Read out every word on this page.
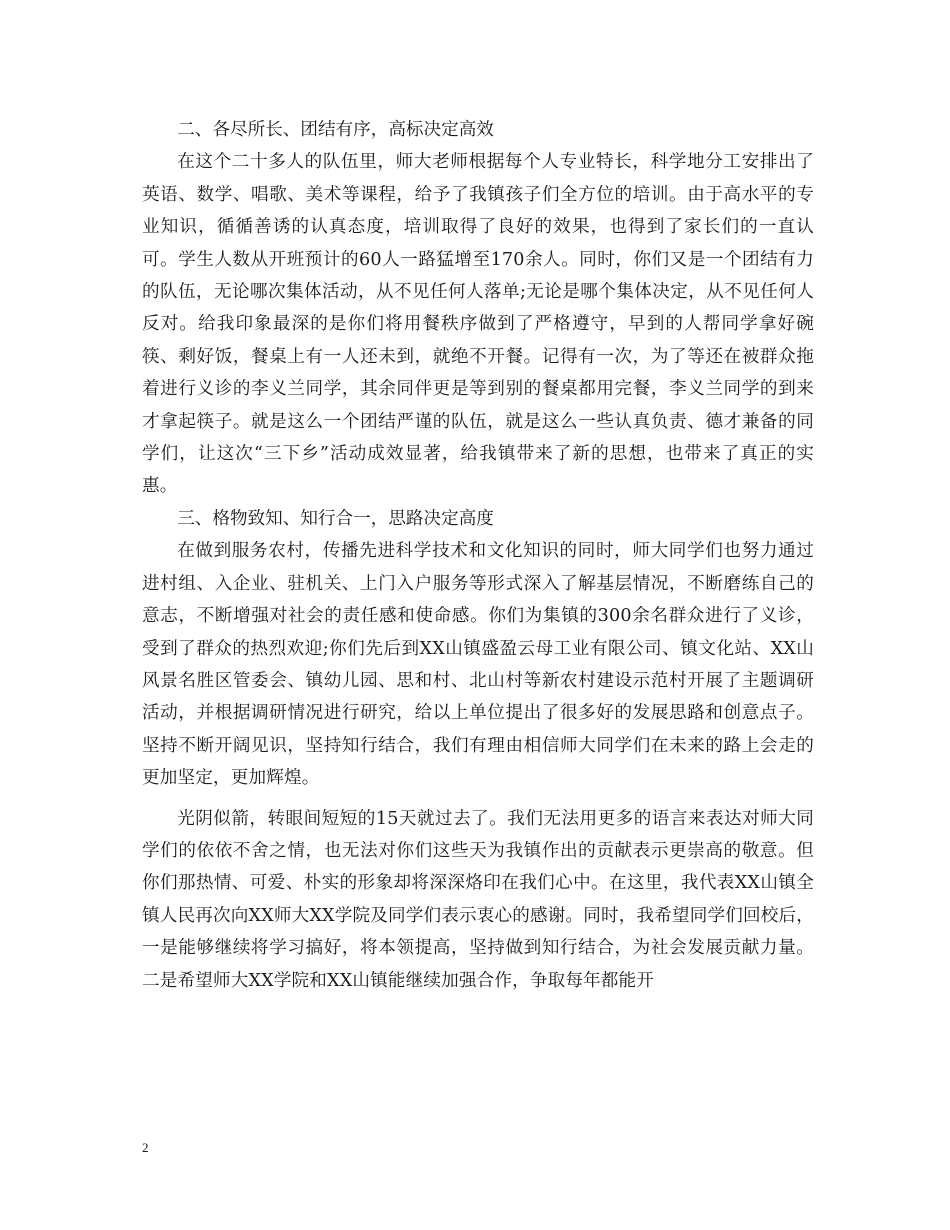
二、各尽所长、团结有序，高标决定高效

在这个二十多人的队伍里，师大老师根据每个人专业特长，科学地分工安排出了英语、数学、唱歌、美术等课程，给予了我镇孩子们全方位的培训。由于高水平的专业知识，循循善诱的认真态度，培训取得了良好的效果，也得到了家长们的一直认可。学生人数从开班预计的60人一路猛增至170余人。同时，你们又是一个团结有力的队伍，无论哪次集体活动，从不见任何人落单;无论是哪个集体决定，从不见任何人反对。给我印象最深的是你们将用餐秩序做到了严格遵守，早到的人帮同学拿好碗筷、剩好饭，餐桌上有一人还未到，就绝不开餐。记得有一次，为了等还在被群众拖着进行义诊的李义兰同学，其余同伴更是等到别的餐桌都用完餐，李义兰同学的到来才拿起筷子。就是这么一个团结严谨的队伍，就是这么一些认真负责、德才兼备的同学们，让这次“三下乡”活动成效显著，给我镇带来了新的思想，也带来了真正的实惠。

三、格物致知、知行合一，思路决定高度

在做到服务农村，传播先进科学技术和文化知识的同时，师大同学们也努力通过进村组、入企业、驻机关、上门入户服务等形式深入了解基层情况，不断磨练自己的意志，不断增强对社会的责任感和使命感。你们为集镇的300余名群众进行了义诊，受到了群众的热烈欢迎;你们先后到XX山镇盛盈云母工业有限公司、镇文化站、XX山风景名胜区管委会、镇幼儿园、思和村、北山村等新农村建设示范村开展了主题调研活动，并根据调研情况进行研究，给以上单位提出了很多好的发展思路和创意点子。坚持不断开阔见识，坚持知行结合，我们有理由相信师大同学们在未来的路上会走的更加坚定，更加辉煌。

光阴似箭，转眼间短短的15天就过去了。我们无法用更多的语言来表达对师大同学们的依依不舍之情，也无法对你们这些天为我镇作出的贡献表示更崇高的敬意。但你们那热情、可爱、朴实的形象却将深深烙印在我们心中。在这里，我代表XX山镇全镇人民再次向XX师大XX学院及同学们表示衷心的感谢。同时，我希望同学们回校后，一是能够继续将学习搞好，将本领提高，坚持做到知行结合，为社会发展贡献力量。二是希望师大XX学院和XX山镇能继续加强合作，争取每年都能开

2
